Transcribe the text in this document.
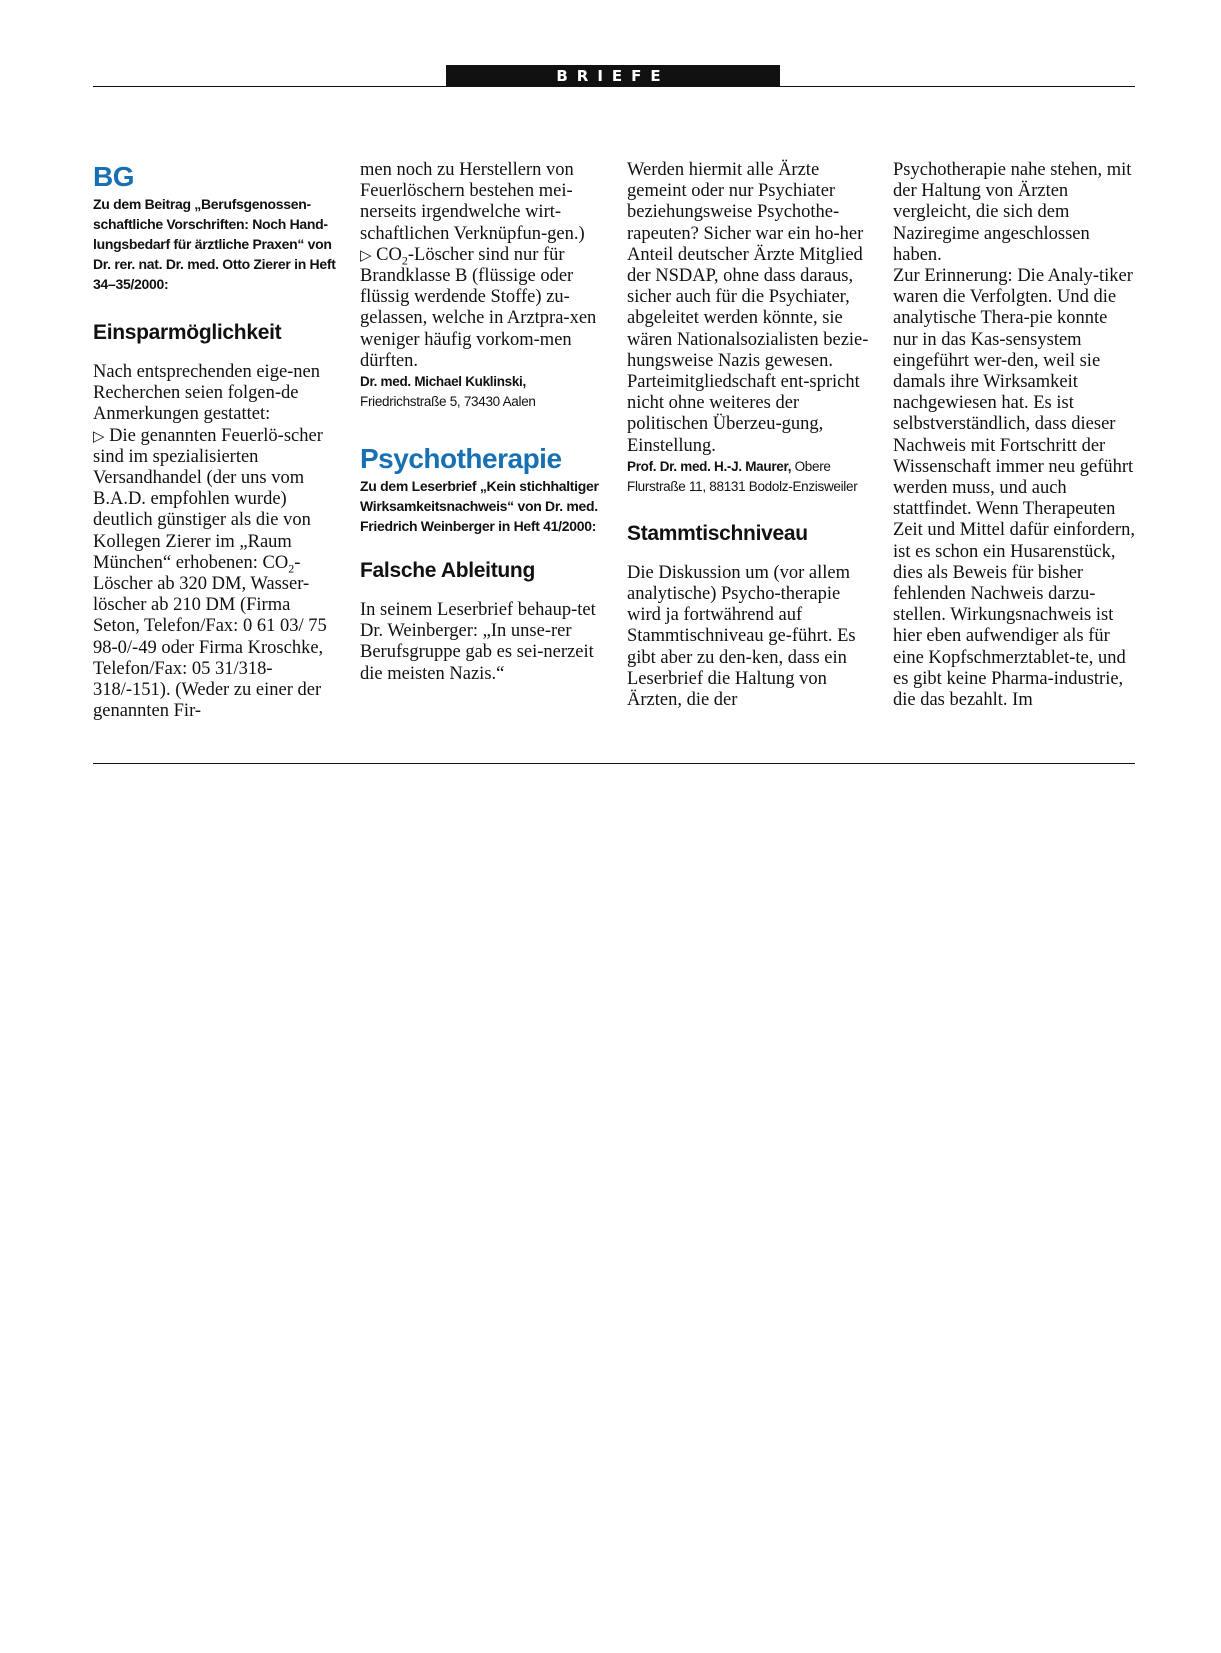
BRIEFE
BG

Zu dem Beitrag „Berufsgenossen-schaftliche Vorschriften: Noch Hand-lungsbedarf für ärztliche Praxen“ von Dr. rer. nat. Dr. med. Otto Zierer in Heft 34–35/2000:

Einsparmöglichkeit

Nach entsprechenden eige-nen Recherchen seien folgen-de Anmerkungen gestattet:

▷ Die genannten Feuerlö-scher sind im spezialisierten Versandhandel (der uns vom B.A.D. empfohlen wurde) deutlich günstiger als die von Kollegen Zierer im „Raum München“ erhobenen: $CO_2$-Löscher ab 320 DM, Wasser-löscher ab 210 DM (Firma Seton, Telefon/Fax: 0 61 03/ 75 98-0/-49 oder Firma Kroschke, Telefon/Fax: 05 31/318-318/-151). (Weder zu einer der genannten Fir-

men noch zu Herstellern von Feuerlöschern bestehen mei-nerseits irgendwelche wirt-schaftlichen Verknüpfun-gen.)

▷ $CO_2$-Löscher sind nur für Brandklasse B (flüssige oder flüssig werdende Stoffe) zu-gelassen, welche in Arztpra-xen weniger häufig vorkom-men dürften.

Dr. med. Michael Kuklinski,
Friedrichstraße 5, 73430 Aalen
Psychotherapie

Zu dem Leserbrief „Kein stichhaltiger Wirksamkeitsnachweis“ von Dr. med. Friedrich Weinberger in Heft 41/2000:

Falsche Ableitung

In seinem Leserbrief behaup-tet Dr. Weinberger: „In unse-rer Berufsgruppe gab es sei-nerzeit die meisten Nazis.“

Werden hiermit alle Ärzte gemeint oder nur Psychiater beziehungsweise Psychothe-rapeuten? Sicher war ein ho-her Anteil deutscher Ärzte Mitglied der NSDAP, ohne dass daraus, sicher auch für die Psychiater, abgeleitet werden könnte, sie wären Nationalsozialisten bezie-hungsweise Nazis gewesen. Parteimitgliedschaft ent-spricht nicht ohne weiteres der politischen Überzeu-gung, Einstellung.

Prof. Dr. med. H.-J. Maurer, Obere Flurstraße 11, 88131 Bodolz-Enzisweiler
Stammtischniveau

Die Diskussion um (vor allem analytische) Psycho-therapie wird ja fortwährend auf Stammtischniveau ge-führt. Es gibt aber zu den-ken, dass ein Leserbrief die Haltung von Ärzten, die der

Psychotherapie nahe stehen, mit der Haltung von Ärzten vergleicht, die sich dem Naziregime angeschlossen haben.

Zur Erinnerung: Die Analy-tiker waren die Verfolgten. Und die analytische Thera-pie konnte nur in das Kas-sensystem eingeführt wer-den, weil sie damals ihre Wirksamkeit nachgewiesen hat. Es ist selbstverständlich, dass dieser Nachweis mit Fortschritt der Wissenschaft immer neu geführt werden muss, und auch stattfindet. Wenn Therapeuten Zeit und Mittel dafür einfordern, ist es schon ein Husarenstück, dies als Beweis für bisher fehlenden Nachweis darzu-stellen. Wirkungsnachweis ist hier eben aufwendiger als für eine Kopfschmerztablet-te, und es gibt keine Pharma-industrie, die das bezahlt. Im
